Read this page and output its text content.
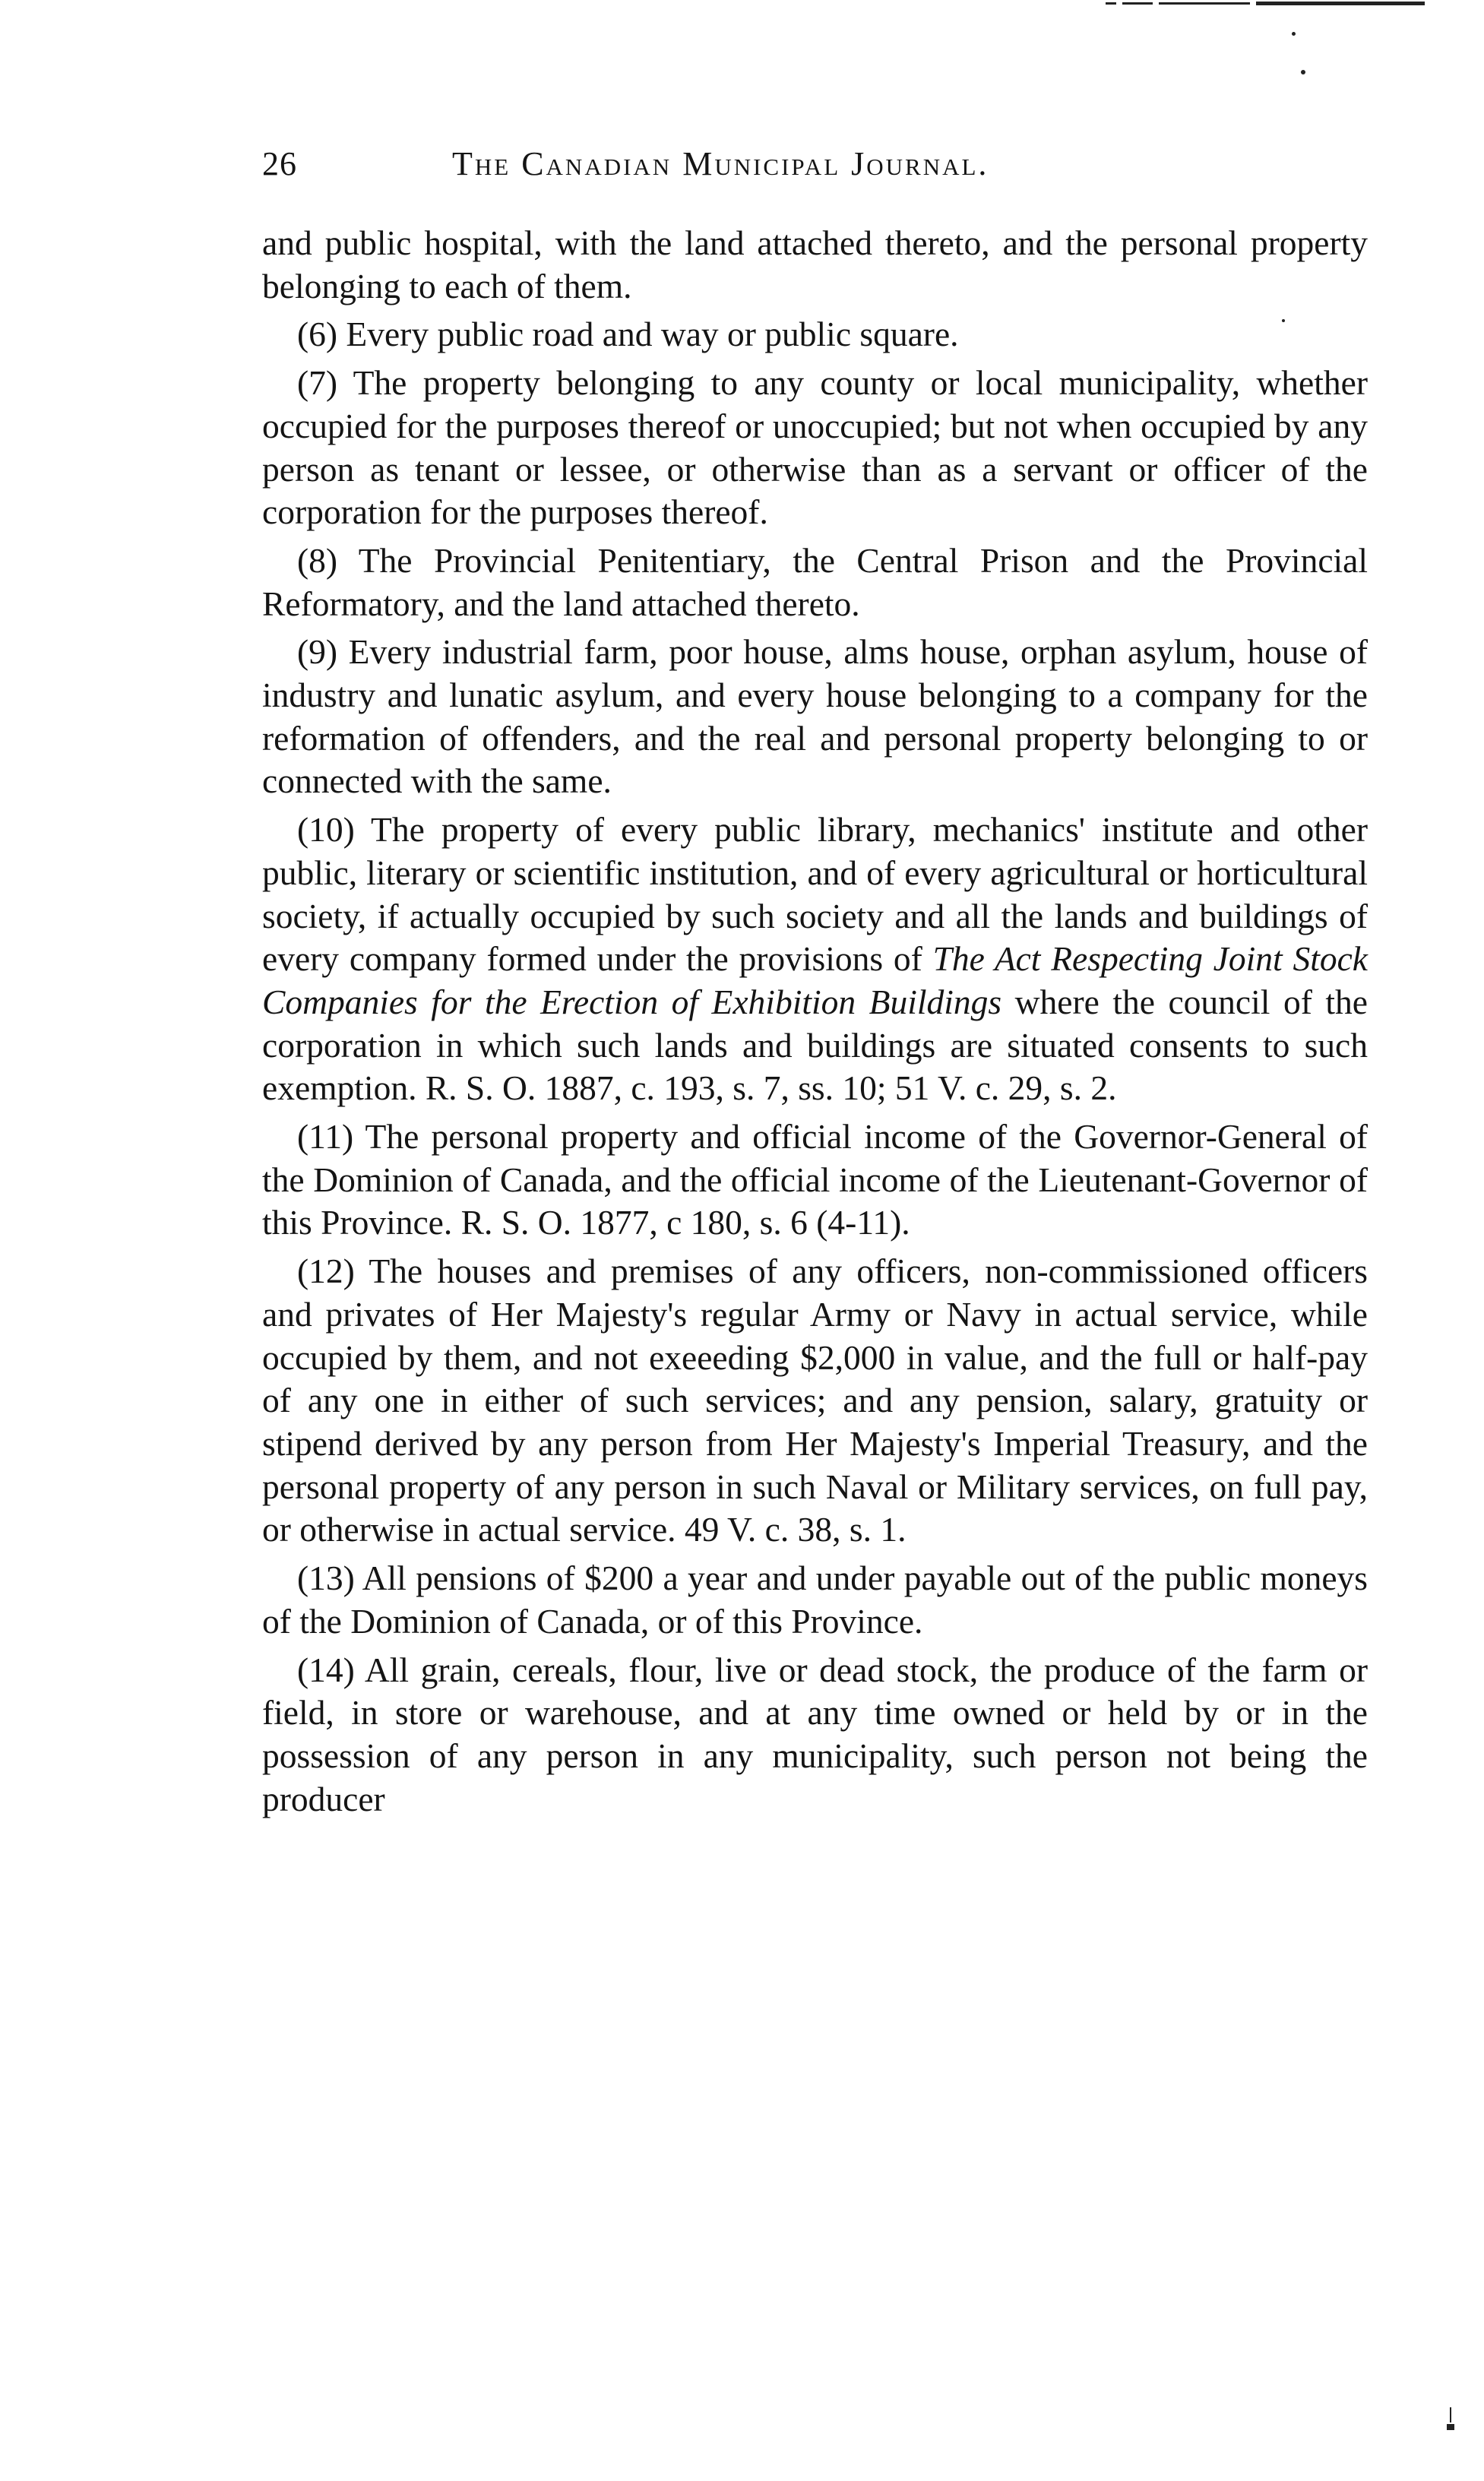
26	The Canadian Municipal Journal.

and public hospital, with the land attached thereto, and the personal property belonging to each of them.

(6) Every public road and way or public square.

(7) The property belonging to any county or local municipality, whether occupied for the purposes thereof or unoccupied; but not when occupied by any person as tenant or lessee, or otherwise than as a servant or officer of the corporation for the purposes thereof.

(8) The Provincial Penitentiary, the Central Prison and the Provincial Reformatory, and the land attached thereto.

(9) Every industrial farm, poor house, alms house, orphan asylum, house of industry and lunatic asylum, and every house belonging to a company for the reformation of offenders, and the real and personal property belonging to or connected with the same.

(10) The property of every public library, mechanics' institute and other public, literary or scientific institution, and of every agricultural or horticultural society, if actually occupied by such society and all the lands and buildings of every company formed under the provisions of The Act Respecting Joint Stock Companies for the Erection of Exhibition Buildings where the council of the corporation in which such lands and buildings are situated consents to such exemption. R. S. O. 1887, c. 193, s. 7, ss. 10; 51 V. c. 29, s. 2.

(11) The personal property and official income of the Governor-General of the Dominion of Canada, and the official income of the Lieutenant-Governor of this Province. R. S. O. 1877, c 180, s. 6 (4-11).

(12) The houses and premises of any officers, non-commissioned officers and privates of Her Majesty's regular Army or Navy in actual service, while occupied by them, and not exeeeding $2,000 in value, and the full or half-pay of any one in either of such services; and any pension, salary, gratuity or stipend derived by any person from Her Majesty's Imperial Treasury, and the personal property of any person in such Naval or Military services, on full pay, or otherwise in actual service. 49 V. c. 38, s. 1.

(13) All pensions of $200 a year and under payable out of the public moneys of the Dominion of Canada, or of this Province.

(14) All grain, cereals, flour, live or dead stock, the produce of the farm or field, in store or warehouse, and at any time owned or held by or in the possession of any person in any municipality, such person not being the producer
